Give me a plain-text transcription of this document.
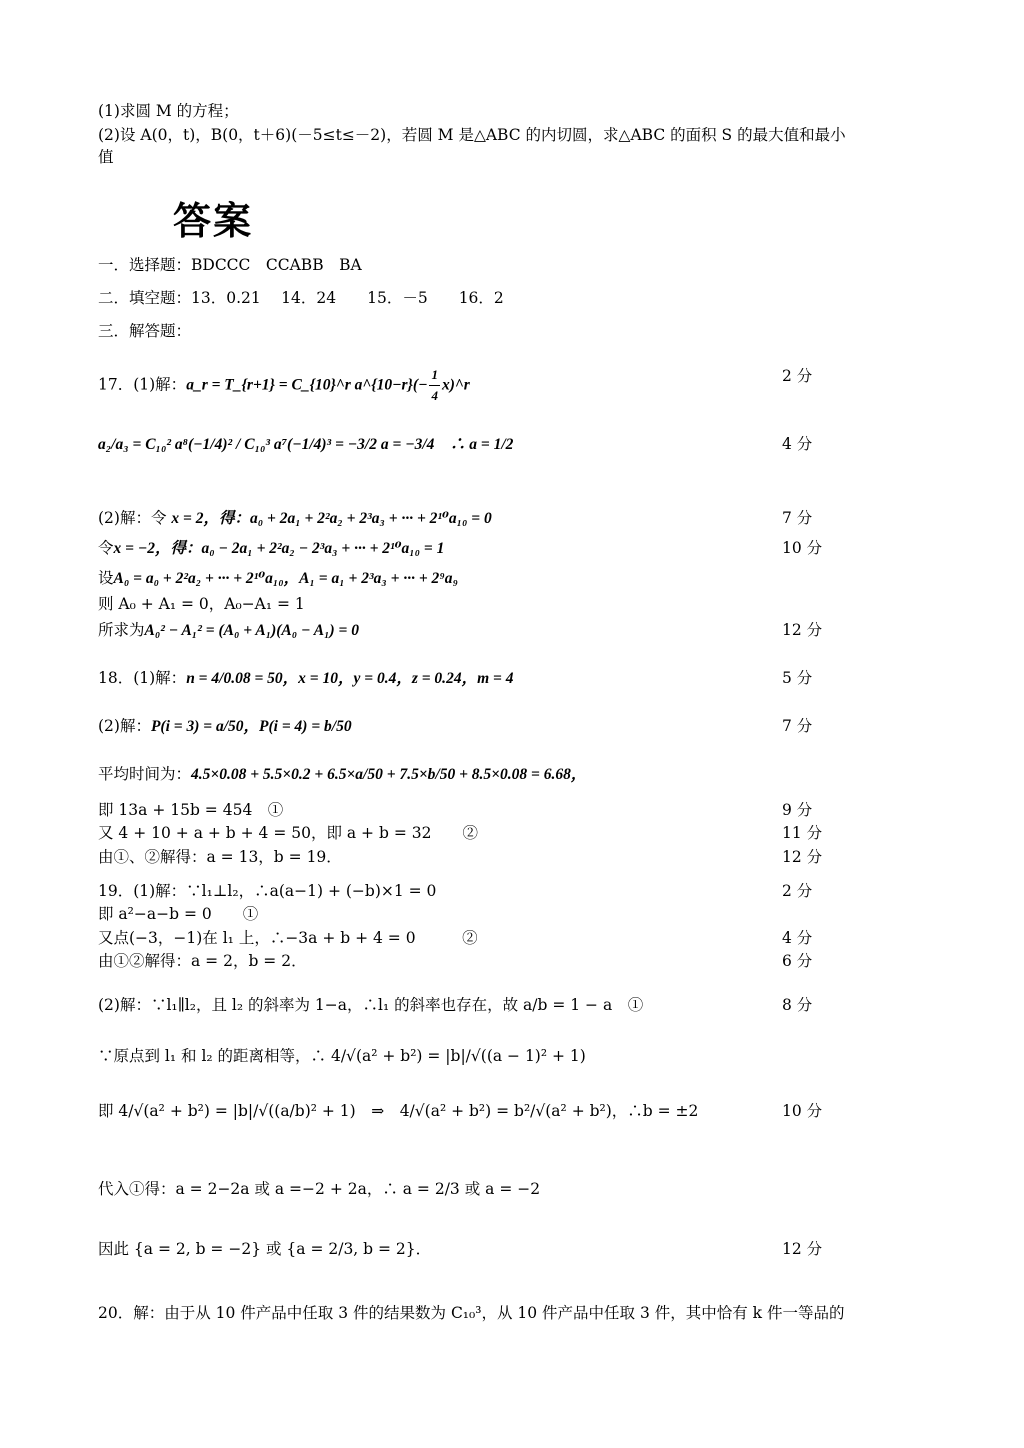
(1)求圆 M 的方程；
(2)设 A(0，t)，B(0，t＋6)(－5≤t≤－2)，若圆 M 是△ABC 的内切圆，求△ABC 的面积 S 的最大值和最小
值
答案
一．选择题：BDCCC　CCABB　BA
二．填空题：13．0.21　 14．24　　15．－5　　16．2
三．解答题：
17．(1)解：a_r = T_{r+1} = C_{10}^r a^{10−r}(− $\frac{1}{4}$ x)^r	2 分
a₂/a₃ = C₁₀² a⁸(−1/4)² / C₁₀³ a⁷(−1/4)³ = −3/2 a = −3/4　∴ a = 1/2	4 分
(2)解：令 x = 2，得：a₀ + 2a₁ + 2²a₂ + 2³a₃ + ··· + 2¹⁰a₁₀ = 0	7 分
令x = −2，得：a₀ − 2a₁ + 2²a₂ − 2³a₃ + ··· + 2¹⁰a₁₀ = 1	10 分
设A₀ = a₀ + 2²a₂ + ··· + 2¹⁰a₁₀，A₁ = a₁ + 2³a₃ + ··· + 2⁹a₉
则 A₀ + A₁ = 0，A₀−A₁ = 1
所求为A₀² − A₁² = (A₀ + A₁)(A₀ − A₁) = 0	12 分
18．(1)解：n = 4/0.08 = 50，x = 10，y = 0.4，z = 0.24，m = 4	5 分
(2)解：P(i = 3) = a/50，P(i = 4) = b/50	7 分
平均时间为：4.5×0.08 + 5.5×0.2 + 6.5×a/50 + 7.5×b/50 + 8.5×0.08 = 6.68，
即 13a + 15b = 454　①	9 分
又 4 + 10 + a + b + 4 = 50，即 a + b = 32　　②	11 分
由①、②解得：a = 13，b = 19．	12 分
19．(1)解：∵l₁⊥l₂，∴a(a−1) + (−b)×1 = 0	2 分
即 a²−a−b = 0　　①
又点(−3，−1)在 l₁ 上，∴−3a + b + 4 = 0　　　②	4 分
由①②解得：a = 2，b = 2．	6 分
(2)解：∵l₁∥l₂，且 l₂ 的斜率为 1−a，∴l₁ 的斜率也存在，故 a/b = 1 − a　①	8 分
∵原点到 l₁ 和 l₂ 的距离相等，∴ 4/√(a² + b²) = |b|/√((a − 1)² + 1)
即 4/√(a² + b²) = |b|/√((a/b)² + 1)　⇒　4/√(a² + b²) = b²/√(a² + b²)，∴b = ±2	10 分
代入①得：a = 2−2a 或 a =−2 + 2a，∴ a = 2/3 或 a = −2
因此 {a = 2, b = −2} 或 {a = 2/3, b = 2}．	12 分
20．解：由于从 10 件产品中任取 3 件的结果数为 C₁₀³，从 10 件产品中任取 3 件，其中恰有 k 件一等品的
